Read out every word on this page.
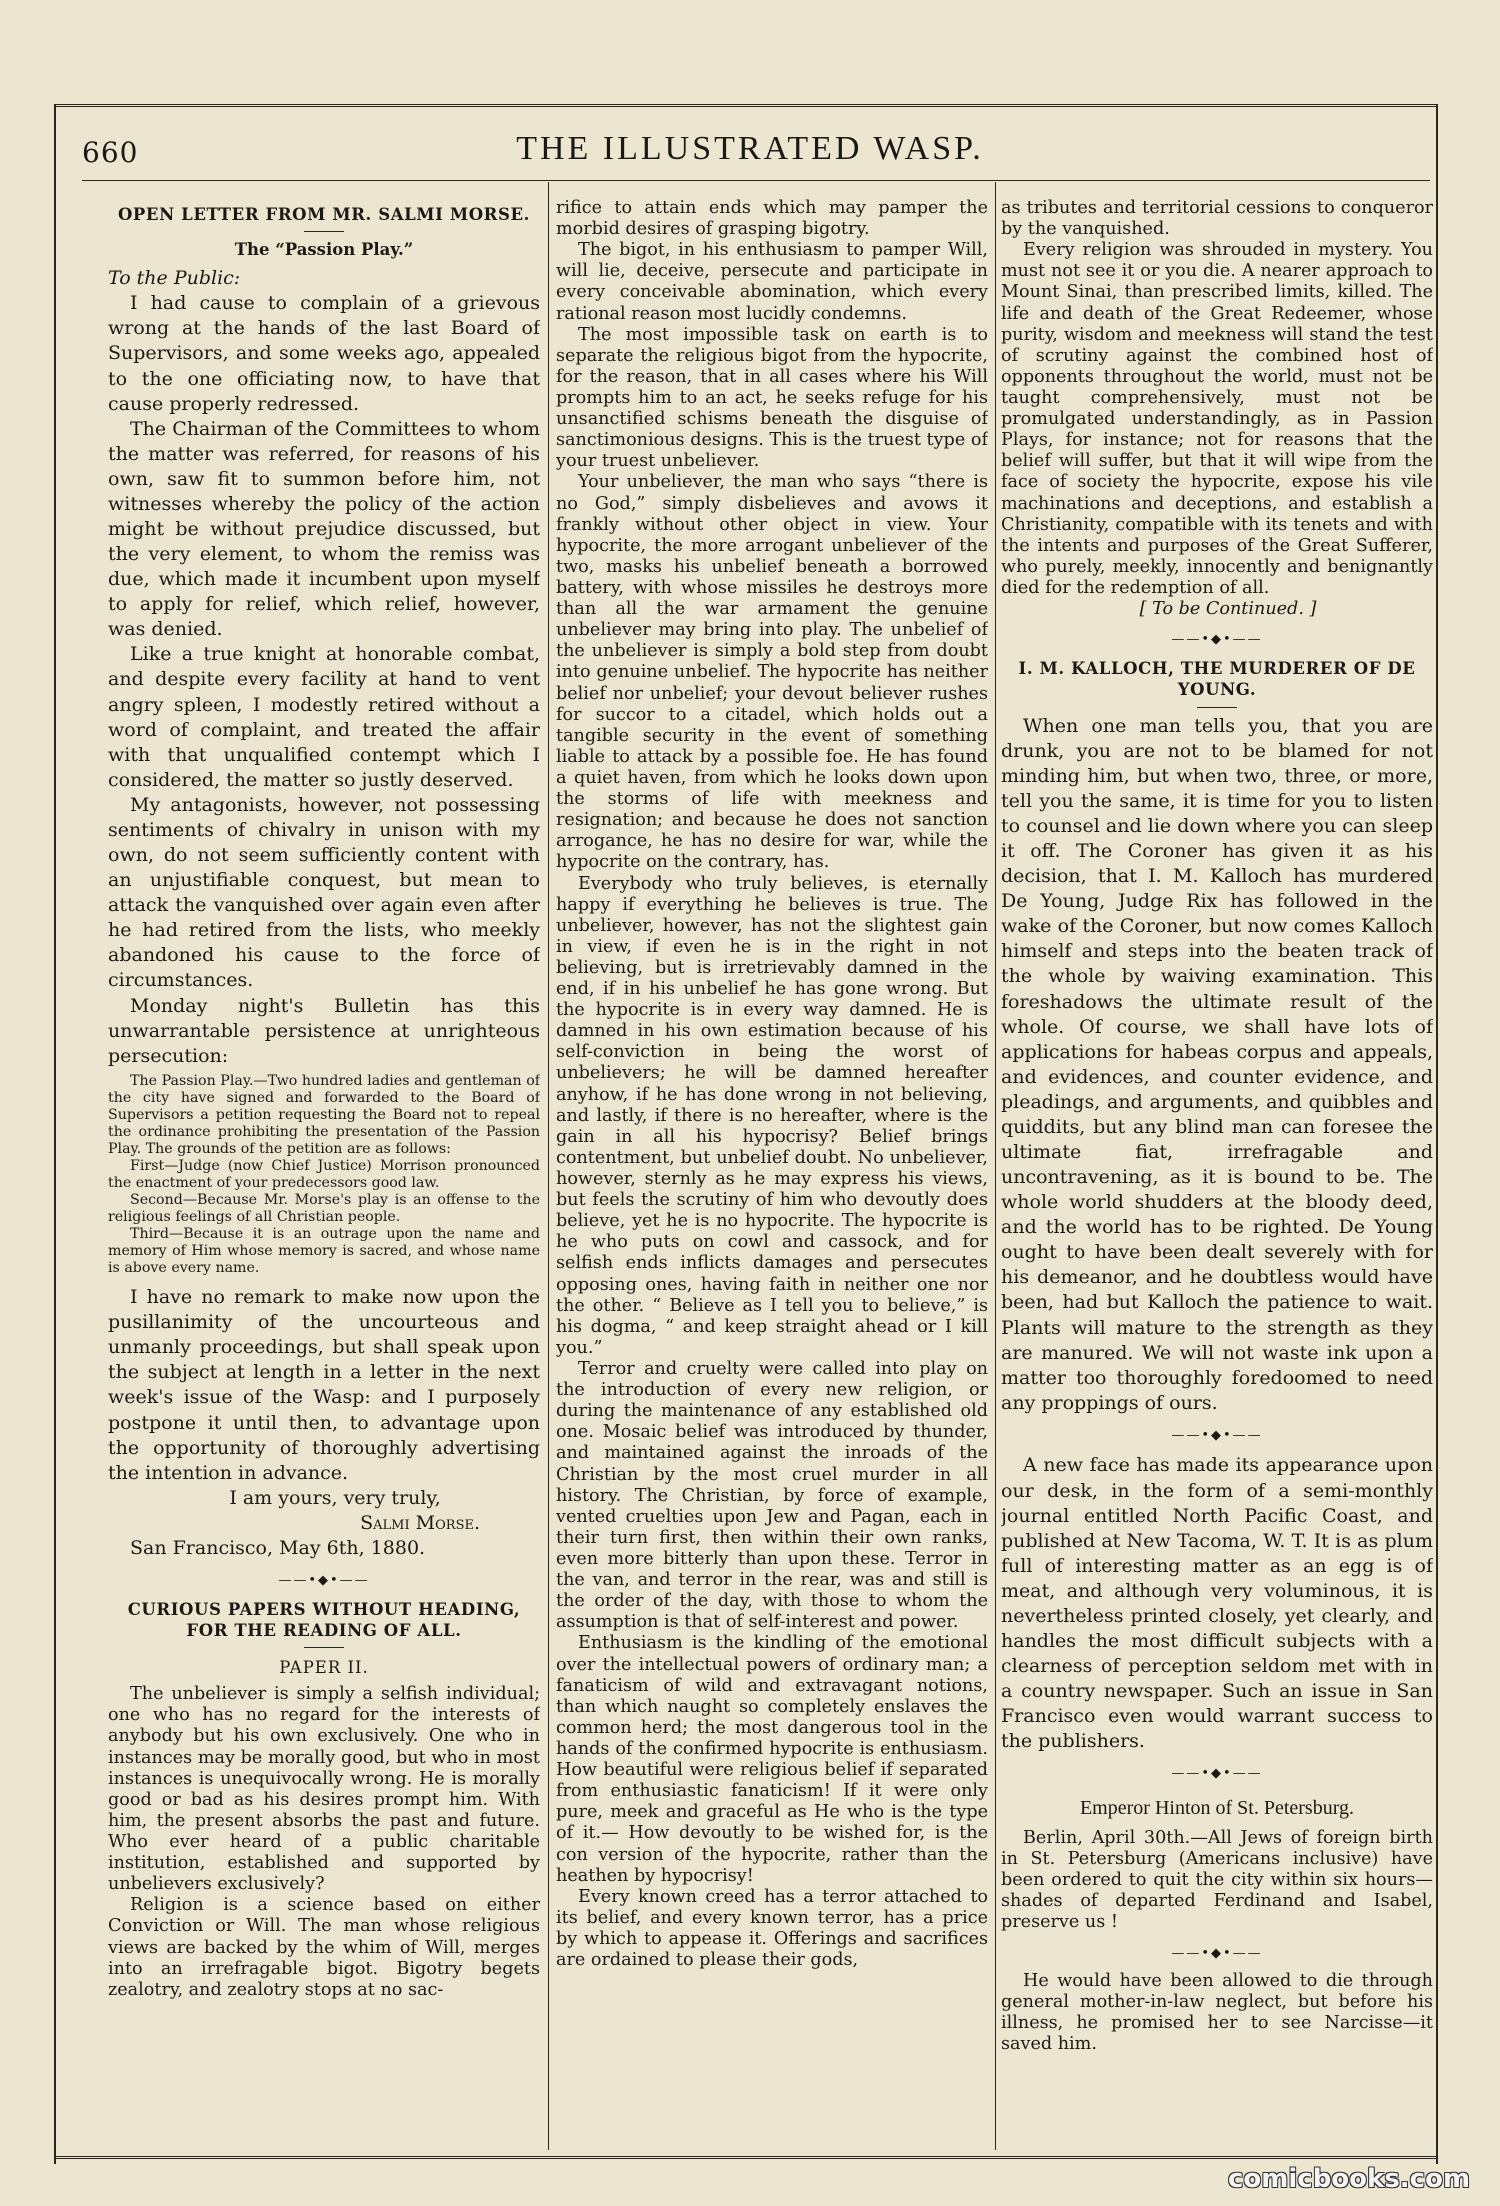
660	THE ILLUSTRATED WASP.
OPEN LETTER FROM MR. SALMI MORSE.
The “Passion Play.”

To the Public:

I had cause to complain of a grievous wrong at the hands of the last Board of Supervisors, and some weeks ago, appealed to the one officiating now, to have that cause properly redressed.

The Chairman of the Committees to whom the matter was referred, for reasons of his own, saw fit to summon before him, not witnesses whereby the policy of the action might be without prejudice discussed, but the very element, to whom the remiss was due, which made it incumbent upon myself to apply for relief, which relief, however, was denied.

Like a true knight at honorable combat, and despite every facility at hand to vent angry spleen, I modestly retired without a word of complaint, and treated the affair with that unqualified contempt which I considered, the matter so justly deserved.

My antagonists, however, not possessing sentiments of chivalry in unison with my own, do not seem sufficiently content with an unjustifiable conquest, but mean to attack the vanquished over again even after he had retired from the lists, who meekly abandoned his cause to the force of circumstances.

Monday night's Bulletin has this unwarrantable persistence at unrighteous persecution:

The Passion Play.—Two hundred ladies and gentleman of the city have signed and forwarded to the Board of Supervisors a petition requesting the Board not to repeal the ordinance prohibiting the presentation of the Passion Play. The grounds of the petition are as follows:

First—Judge (now Chief Justice) Morrison pronounced the enactment of your predecessors good law.

Second—Because Mr. Morse's play is an offense to the religious feelings of all Christian people.

Third—Because it is an outrage upon the name and memory of Him whose memory is sacred, and whose name is above every name.

I have no remark to make now upon the pusillanimity of the uncourteous and unmanly proceedings, but shall speak upon the subject at length in a letter in the next week's issue of the Wasp: and I purposely postpone it until then, to advantage upon the opportunity of thoroughly advertising the intention in advance.

I am yours, very truly,

Salmi Morse.

San Francisco, May 6th, 1880.

——•◆•——
CURIOUS PAPERS WITHOUT HEADING, FOR THE READING OF ALL.
PAPER II.

The unbeliever is simply a selfish individual; one who has no regard for the interests of anybody but his own exclusively. One who in instances may be morally good, but who in most instances is unequivocally wrong. He is morally good or bad as his desires prompt him. With him, the present absorbs the past and future. Who ever heard of a public charitable institution, established and supported by unbelievers exclusively?

Religion is a science based on either Conviction or Will. The man whose religious views are backed by the whim of Will, merges into an irrefragable bigot. Bigotry begets zealotry, and zealotry stops at no sac-

rifice to attain ends which may pamper the morbid desires of grasping bigotry.

The bigot, in his enthusiasm to pamper Will, will lie, deceive, persecute and participate in every conceivable abomination, which every rational reason most lucidly condemns.

The most impossible task on earth is to separate the religious bigot from the hypocrite, for the reason, that in all cases where his Will prompts him to an act, he seeks refuge for his unsanctified schisms beneath the disguise of sanctimonious designs. This is the truest type of your truest unbeliever.

Your unbeliever, the man who says “there is no God,” simply disbelieves and avows it frankly without other object in view. Your hypocrite, the more arrogant unbeliever of the two, masks his unbelief beneath a borrowed battery, with whose missiles he destroys more than all the war armament the genuine unbeliever may bring into play. The unbelief of the unbeliever is simply a bold step from doubt into genuine unbelief. The hypocrite has neither belief nor unbelief; your devout believer rushes for succor to a citadel, which holds out a tangible security in the event of something liable to attack by a possible foe. He has found a quiet haven, from which he looks down upon the storms of life with meekness and resignation; and because he does not sanction arrogance, he has no desire for war, while the hypocrite on the contrary, has.

Everybody who truly believes, is eternally happy if everything he believes is true. The unbeliever, however, has not the slightest gain in view, if even he is in the right in not believing, but is irretrievably damned in the end, if in his unbelief he has gone wrong. But the hypocrite is in every way damned. He is damned in his own estimation because of his self-conviction in being the worst of unbelievers; he will be damned hereafter anyhow, if he has done wrong in not believing, and lastly, if there is no hereafter, where is the gain in all his hypocrisy? Belief brings contentment, but unbelief doubt. No unbeliever, however, sternly as he may express his views, but feels the scrutiny of him who devoutly does believe, yet he is no hypocrite. The hypocrite is he who puts on cowl and cassock, and for selfish ends inflicts damages and persecutes opposing ones, having faith in neither one nor the other. “ Believe as I tell you to believe,” is his dogma, “ and keep straight ahead or I kill you.”

Terror and cruelty were called into play on the introduction of every new religion, or during the maintenance of any established old one. Mosaic belief was introduced by thunder, and maintained against the inroads of the Christian by the most cruel murder in all history. The Christian, by force of example, vented cruelties upon Jew and Pagan, each in their turn first, then within their own ranks, even more bitterly than upon these. Terror in the van, and terror in the rear, was and still is the order of the day, with those to whom the assumption is that of self-interest and power.

Enthusiasm is the kindling of the emotional over the intellectual powers of ordinary man; a fanaticism of wild and extravagant notions, than which naught so completely enslaves the common herd; the most dangerous tool in the hands of the confirmed hypocrite is enthusiasm. How beautiful were religious belief if separated from enthusiastic fanaticism! If it were only pure, meek and graceful as He who is the type of it.— How devoutly to be wished for, is the con version of the hypocrite, rather than the heathen by hypocrisy!

Every known creed has a terror attached to its belief, and every known terror, has a price by which to appease it. Offerings and sacrifices are ordained to please their gods,

as tributes and territorial cessions to conqueror by the vanquished.

Every religion was shrouded in mystery. You must not see it or you die. A nearer approach to Mount Sinai, than prescribed limits, killed. The life and death of the Great Redeemer, whose purity, wisdom and meekness will stand the test of scrutiny against the combined host of opponents throughout the world, must not be taught comprehensively, must not be promulgated understandingly, as in Passion Plays, for instance; not for reasons that the belief will suffer, but that it will wipe from the face of society the hypocrite, expose his vile machinations and deceptions, and establish a Christianity, compatible with its tenets and with the intents and purposes of the Great Sufferer, who purely, meekly, innocently and benignantly died for the redemption of all.

[ To be Continued. ]

——•◆•——
I. M. KALLOCH, THE MURDERER OF DE YOUNG.

When one man tells you, that you are drunk, you are not to be blamed for not minding him, but when two, three, or more, tell you the same, it is time for you to listen to counsel and lie down where you can sleep it off. The Coroner has given it as his decision, that I. M. Kalloch has murdered De Young, Judge Rix has followed in the wake of the Coroner, but now comes Kalloch himself and steps into the beaten track of the whole by waiving examination. This foreshadows the ultimate result of the whole. Of course, we shall have lots of applications for habeas corpus and appeals, and evidences, and counter evidence, and pleadings, and arguments, and quibbles and quiddits, but any blind man can foresee the ultimate fiat, irrefragable and uncontravening, as it is bound to be. The whole world shudders at the bloody deed, and the world has to be righted. De Young ought to have been dealt severely with for his demeanor, and he doubtless would have been, had but Kalloch the patience to wait. Plants will mature to the strength as they are manured. We will not waste ink upon a matter too thoroughly foredoomed to need any proppings of ours.

——•◆•——

A new face has made its appearance upon our desk, in the form of a semi-monthly journal entitled North Pacific Coast, and published at New Tacoma, W. T. It is as plum full of interesting matter as an egg is of meat, and although very voluminous, it is nevertheless printed closely, yet clearly, and handles the most difficult subjects with a clearness of perception seldom met with in a country newspaper. Such an issue in San Francisco even would warrant success to the publishers.

——•◆•——
Emperor Hinton of St. Petersburg.

Berlin, April 30th.—All Jews of foreign birth in St. Petersburg (Americans inclusive) have been ordered to quit the city within six hours—shades of departed Ferdinand and Isabel, preserve us !

——•◆•——

He would have been allowed to die through general mother-in-law neglect, but before his illness, he promised her to see Narcisse—it saved him.

comicbooks.com
